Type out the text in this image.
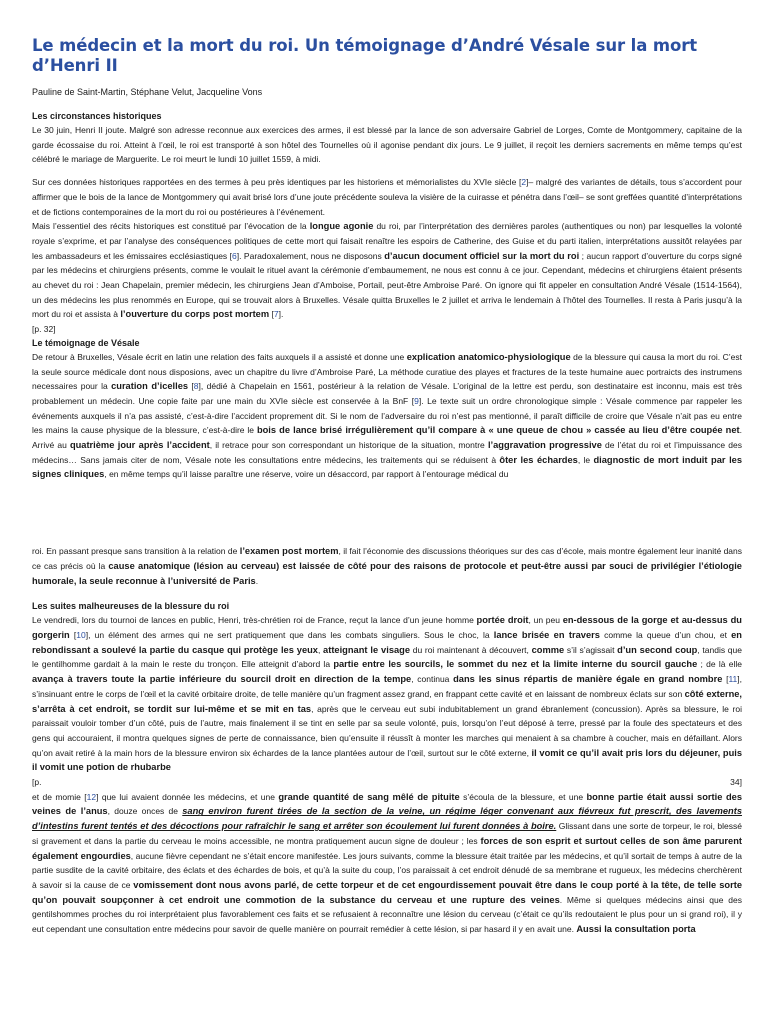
Le médecin et la mort du roi. Un témoignage d’André Vésale sur la mort d’Henri II
Pauline de Saint-Martin, Stéphane Velut, Jacqueline Vons
Les circonstances historiques

Le 30 juin, Henri II joute. Malgré son adresse reconnue aux exercices des armes, il est blessé par la lance de son adversaire Gabriel de Lorges, Comte de Montgommery, capitaine de la garde écossaise du roi. Atteint à l’œil, le roi est transporté à son hôtel des Tournelles où il agonise pendant dix jours. Le 9 juillet, il reçoit les derniers sacrements en même temps qu’est célébré le mariage de Marguerite. Le roi meurt le lundi 10 juillet 1559, à midi.

Sur ces données historiques rapportées en des termes à peu près identiques par les historiens et mémorialistes du XVIe siècle [2]– malgré des variantes de détails, tous s’accordent pour affirmer que le bois de la lance de Montgommery qui avait brisé lors d’une joute précédente souleva la visière de la cuirasse et pénétra dans l’œil– se sont greffées quantité d’interprétations et de fictions contemporaines de la mort du roi ou postérieures à l’événement.

Mais l’essentiel des récits historiques est constitué par l’évocation de la longue agonie du roi, par l’interprétation des dernières paroles (authentiques ou non) par lesquelles la volonté royale s’exprime, et par l’analyse des conséquences politiques de cette mort qui faisait renaître les espoirs de Catherine, des Guise et du parti italien, interprétations aussitôt relayées par les ambassadeurs et les émissaires ecclésiastiques [6]. Paradoxalement, nous ne disposons d’aucun document officiel sur la mort du roi ; aucun rapport d’ouverture du corps signé par les médecins et chirurgiens présents, comme le voulait le rituel avant la cérémonie d’embaumement, ne nous est connu à ce jour. Cependant, médecins et chirurgiens étaient présents au chevet du roi : Jean Chapelain, premier médecin, les chirurgiens Jean d’Amboise, Portail, peut-être Ambroise Paré. On ignore qui fit appeler en consultation André Vésale (1514-1564), un des médecins les plus renommés en Europe, qui se trouvait alors à Bruxelles. Vésale quitta Bruxelles le 2 juillet et arriva le lendemain à l’hôtel des Tournelles. Il resta à Paris jusqu’à la mort du roi et assista à l’ouverture du corps post mortem [7].

[p. 32]
Le témoignage de Vésale

De retour à Bruxelles, Vésale écrit en latin une relation des faits auxquels il a assisté et donne une explication anatomico-physiologique de la blessure qui causa la mort du roi. C’est la seule source médicale dont nous disposions, avec un chapitre du livre d’Ambroise Paré, La méthode curatiue des playes et fractures de la teste humaine auec portraicts des instrumens necessaires pour la curation d’icelles [8], dédié à Chapelain en 1561, postérieur à la relation de Vésale. L’original de la lettre est perdu, son destinataire est inconnu, mais est très probablement un médecin. Une copie faite par une main du XVIe siècle est conservée à la BnF [9]. Le texte suit un ordre chronologique simple : Vésale commence par rappeler les événements auxquels il n’a pas assisté, c’est-à-dire l’accident proprement dit. Si le nom de l’adversaire du roi n’est pas mentionné, il paraît difficile de croire que Vésale n’ait pas eu entre les mains la cause physique de la blessure, c’est-à-dire le bois de lance brisé irrégulièrement qu’il compare à « une queue de chou » cassée au lieu d’être coupée net. Arrivé au quatrième jour après l’accident, il retrace pour son correspondant un historique de la situation, montre l’aggravation progressive de l’état du roi et l’impuissance des médecins… Sans jamais citer de nom, Vésale note les consultations entre médecins, les traitements qui se réduisent à ôter les échardes, le diagnostic de mort induit par les signes cliniques, en même temps qu’il laisse paraître une réserve, voire un désaccord, par rapport à l’entourage médical du

roi. En passant presque sans transition à la relation de l’examen post mortem, il fait l’économie des discussions théoriques sur des cas d’école, mais montre également leur inanité dans ce cas précis où la cause anatomique (lésion au cerveau) est laissée de côté pour des raisons de protocole et peut-être aussi par souci de privilégier l’étiologie humorale, la seule reconnue à l’université de Paris.

Les suites malheureuses de la blessure du roi

Le vendredi, lors du tournoi de lances en public, Henri, très-chrétien roi de France, reçut la lance d’un jeune homme portée droit, un peu en-dessous de la gorge et au-dessus du gorgerin [10], un élément des armes qui ne sert pratiquement que dans les combats singuliers. Sous le choc, la lance brisée en travers comme la queue d’un chou, et en rebondissant a soulevé la partie du casque qui protège les yeux, atteignant le visage du roi maintenant à découvert, comme s’il s’agissait d’un second coup, tandis que le gentilhomme gardait à la main le reste du tronçon. Elle atteignit d’abord la partie entre les sourcils, le sommet du nez et la limite interne du sourcil gauche ; de là elle avança à travers toute la partie inférieure du sourcil droit en direction de la tempe, continua dans les sinus répartis de manière égale en grand nombre [11], s’insinuant entre le corps de l’œil et la cavité orbitaire droite, de telle manière qu’un fragment assez grand, en frappant cette cavité et en laissant de nombreux éclats sur son côté externe, s’arrêta à cet endroit, se tordit sur lui-même et se mit en tas, après que le cerveau eut subi indubitablement un grand ébranlement (concussion). Après sa blessure, le roi paraissait vouloir tomber d’un côté, puis de l’autre, mais finalement il se tint en selle par sa seule volonté, puis, lorsqu’on l’eut déposé à terre, pressé par la foule des spectateurs et des gens qui accouraient, il montra quelques signes de perte de connaissance, bien qu’ensuite il réussît à monter les marches qui menaient à sa chambre à coucher, mais en défaillant. Alors qu’on avait retiré à la main hors de la blessure environ six échardes de la lance plantées autour de l’œil, surtout sur le côté externe, il vomit ce qu’il avait pris lors du déjeuner, puis il vomit une potion de rhubarbe

[p.	34]

et de momie [12] que lui avaient donnée les médecins, et une grande quantité de sang mêlé de pituite s’écoula de la blessure, et une bonne partie était aussi sortie des veines de l’anus, douze onces de sang environ furent tirées de la section de la veine, un régime léger convenant aux fiévreux fut prescrit, des lavements d’intestins furent tentés et des décoctions pour rafraîchir le sang et arrêter son écoulement lui furent données à boire. Glissant dans une sorte de torpeur, le roi, blessé si gravement et dans la partie du cerveau le moins accessible, ne montra pratiquement aucun signe de douleur ; les forces de son esprit et surtout celles de son âme parurent également engourdies, aucune fièvre cependant ne s’était encore manifestée. Les jours suivants, comme la blessure était traitée par les médecins, et qu’il sortait de temps à autre de la partie susdite de la cavité orbitaire, des éclats et des échardes de bois, et qu’à la suite du coup, l’os paraissait à cet endroit dénudé de sa membrane et rugueux, les médecins cherchèrent à savoir si la cause de ce vomissement dont nous avons parlé, de cette torpeur et de cet engourdissement pouvait être dans le coup porté à la tête, de telle sorte qu’on pouvait soupçonner à cet endroit une commotion de la substance du cerveau et une rupture des veines. Même si quelques médecins ainsi que des gentilshommes proches du roi interprétaient plus favorablement ces faits et se refusaient à reconnaître une lésion du cerveau (c’était ce qu’ils redoutaient le plus pour un si grand roi), il y eut cependant une consultation entre médecins pour savoir de quelle manière on pourrait remédier à cette lésion, si par hasard il y en avait une. Aussi la consultation porta
